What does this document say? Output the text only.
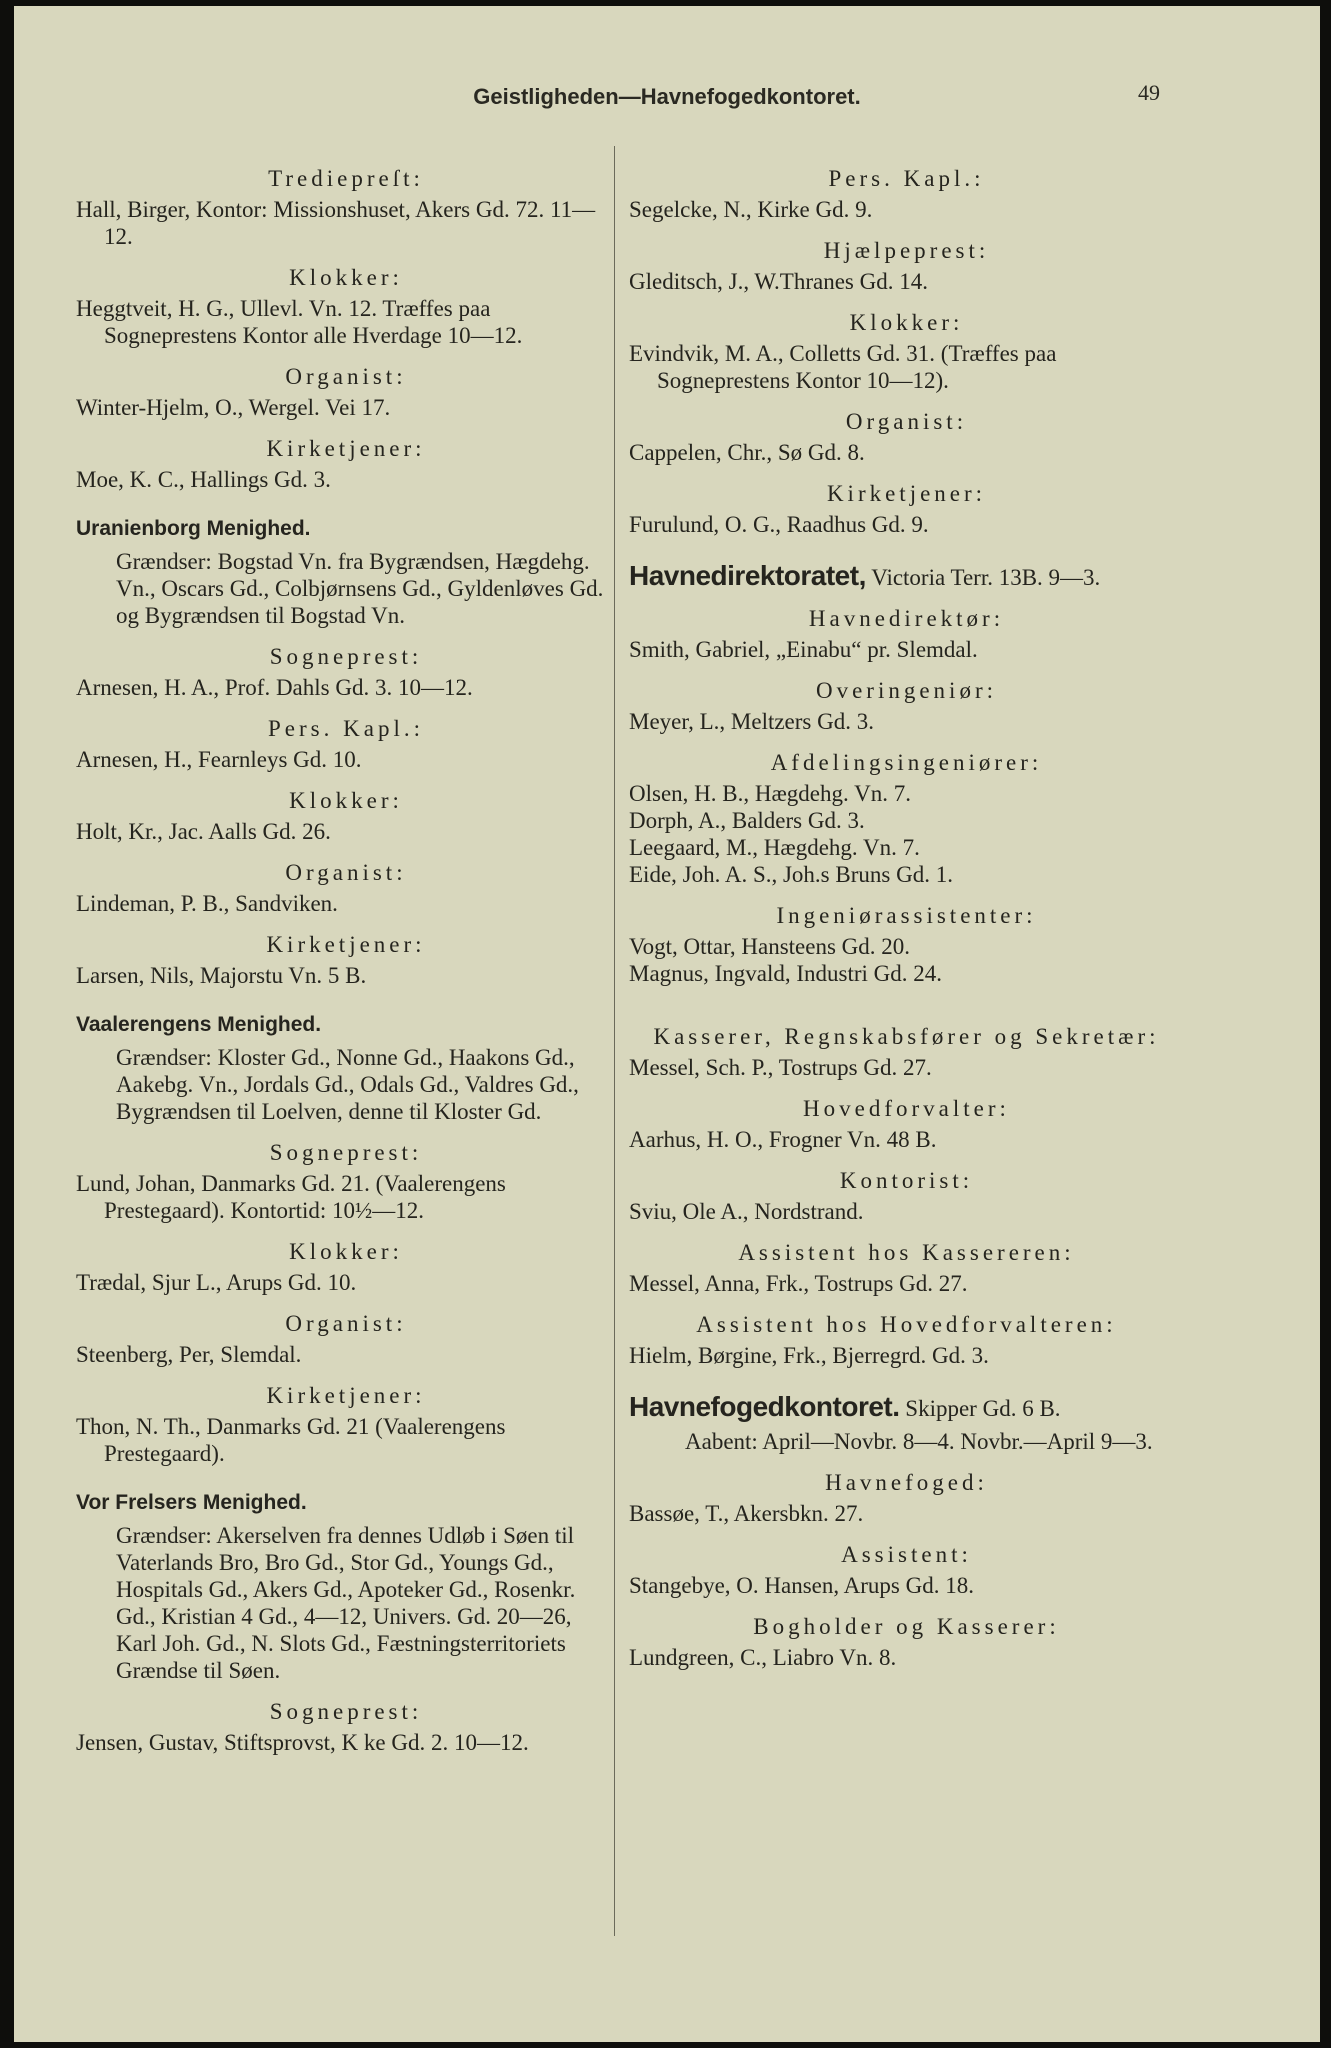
Geistligheden—Havnefogedkontoret.	49
Trediepreſt:
Hall, Birger, Kontor: Missionshuset, Akers Gd. 72. 11—12.
Klokker:
Heggtveit, H. G., Ullevl. Vn. 12. Træffes paa Sogneprestens Kontor alle Hverdage 10—12.
Organist:
Winter-Hjelm, O., Wergel. Vei 17.
Kirketjener:
Moe, K. C., Hallings Gd. 3.
Uranienborg Menighed.
Grændser: Bogstad Vn. fra Bygrændsen, Hægdehg. Vn., Oscars Gd., Colbjørnsens Gd., Gyldenløves Gd. og Bygrændsen til Bogstad Vn.
Sogneprest:
Arnesen, H. A., Prof. Dahls Gd. 3. 10—12.
Pers. Kapl.:
Arnesen, H., Fearnleys Gd. 10.
Klokker:
Holt, Kr., Jac. Aalls Gd. 26.
Organist:
Lindeman, P. B., Sandviken.
Kirketjener:
Larsen, Nils, Majorstu Vn. 5 B.
Vaalerengens Menighed.
Grændser: Kloster Gd., Nonne Gd., Haakons Gd., Aakebg. Vn., Jordals Gd., Odals Gd., Valdres Gd., Bygrændsen til Loelven, denne til Kloster Gd.
Sogneprest:
Lund, Johan, Danmarks Gd. 21. (Vaalerengens Prestegaard). Kontortid: 10½—12.
Klokker:
Trædal, Sjur L., Arups Gd. 10.
Organist:
Steenberg, Per, Slemdal.
Kirketjener:
Thon, N. Th., Danmarks Gd. 21 (Vaalerengens Prestegaard).
Vor Frelsers Menighed.
Grændser: Akerselven fra dennes Udløb i Søen til Vaterlands Bro, Bro Gd., Stor Gd., Youngs Gd., Hospitals Gd., Akers Gd., Apoteker Gd., Rosenkr. Gd., Kristian 4 Gd., 4—12, Univers. Gd. 20—26, Karl Joh. Gd., N. Slots Gd., Fæstningsterritoriets Grændse til Søen.
Sogneprest:
Jensen, Gustav, Stiftsprovst, K ke Gd. 2. 10—12.
Pers. Kapl.:
Segelcke, N., Kirke Gd. 9.
Hjælpeprest:
Gleditsch, J., W.Thranes Gd. 14.
Klokker:
Evindvik, M. A., Colletts Gd. 31. (Træffes paa Sogneprestens Kontor 10—12).
Organist:
Cappelen, Chr., Sø Gd. 8.
Kirketjener:
Furulund, O. G., Raadhus Gd. 9.
Havnedirektoratet, Victoria Terr. 13B. 9—3.
Havnedirektør:
Smith, Gabriel, „Einabu“ pr. Slemdal.
Overingeniør:
Meyer, L., Meltzers Gd. 3.
Afdelingsingeniører:
Olsen, H. B., Hægdehg. Vn. 7.
Dorph, A., Balders Gd. 3.
Leegaard, M., Hægdehg. Vn. 7.
Eide, Joh. A. S., Joh.s Bruns Gd. 1.
Ingeniørassistenter:
Vogt, Ottar, Hansteens Gd. 20.
Magnus, Ingvald, Industri Gd. 24.
Kasserer, Regnskabsfører og Sekretær:
Messel, Sch. P., Tostrups Gd. 27.
Hovedforvalter:
Aarhus, H. O., Frogner Vn. 48 B.
Kontorist:
Sviu, Ole A., Nordstrand.
Assistent hos Kassereren:
Messel, Anna, Frk., Tostrups Gd. 27.
Assistent hos Hovedforvalteren:
Hielm, Børgine, Frk., Bjerregrd. Gd. 3.
Havnefogedkontoret. Skipper Gd. 6 B.
Aabent: April—Novbr. 8—4. Novbr.—April 9—3.
Havnefoged:
Bassøe, T., Akersbkn. 27.
Assistent:
Stangebye, O. Hansen, Arups Gd. 18.
Bogholder og Kasserer:
Lundgreen, C., Liabro Vn. 8.
